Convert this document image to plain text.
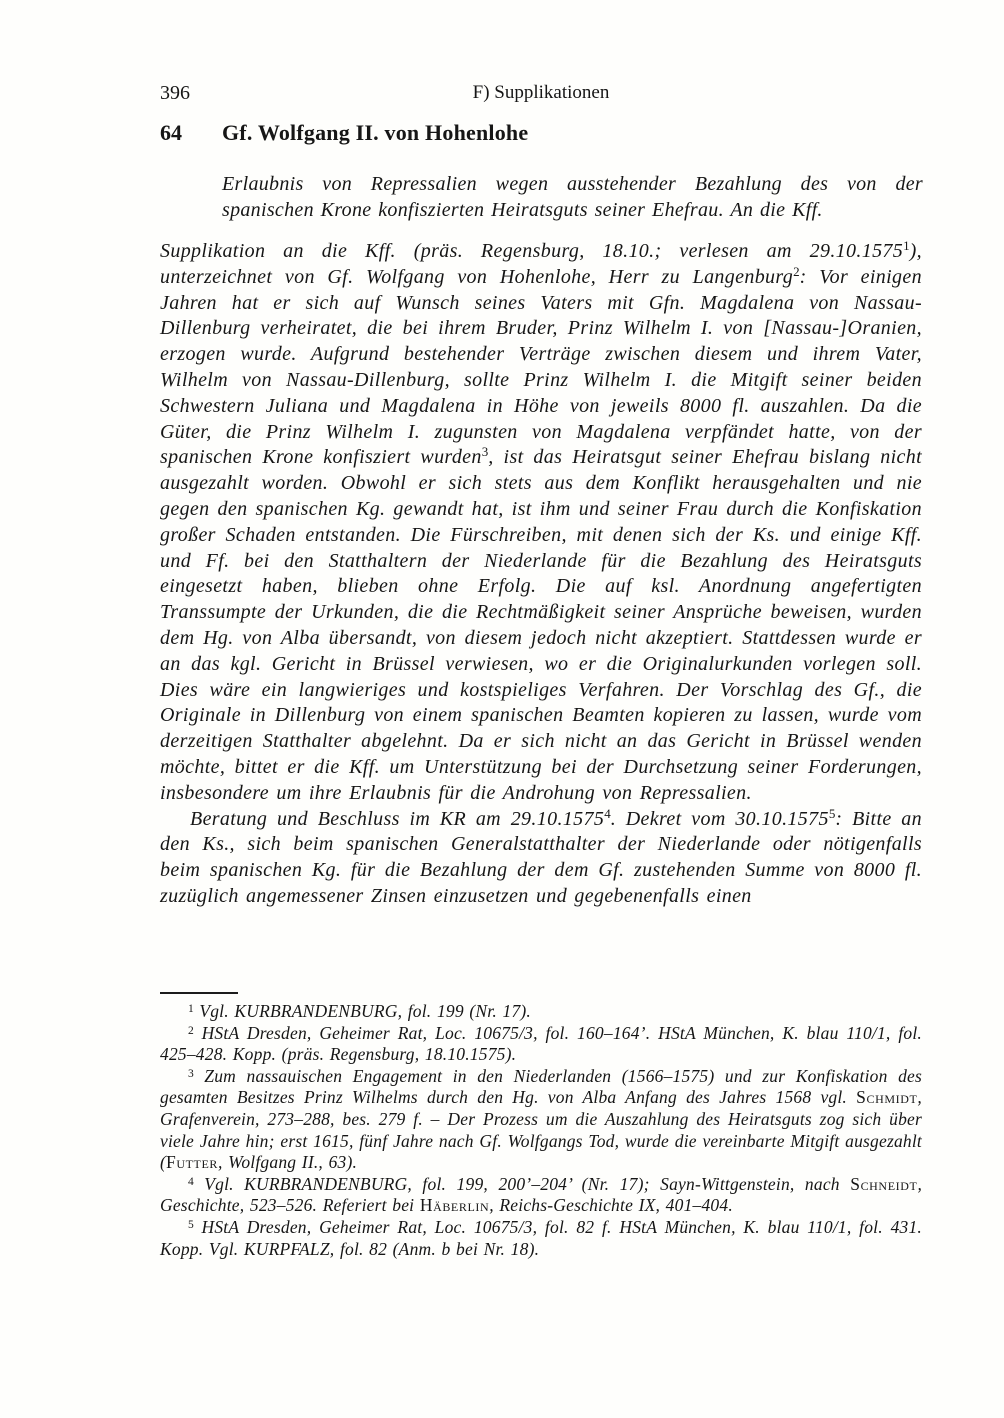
396	F) Supplikationen
64	Gf. Wolfgang II. von Hohenlohe

Erlaubnis von Repressalien wegen ausstehender Bezahlung des von der spanischen Krone konfiszierten Heiratsguts seiner Ehefrau. An die Kff.

Supplikation an die Kff. (präs. Regensburg, 18.10.; verlesen am 29.10.1575$^1$), unterzeichnet von Gf. Wolfgang von Hohenlohe, Herr zu Langenburg$^2$: Vor einigen Jahren hat er sich auf Wunsch seines Vaters mit Gfn. Magdalena von Nassau-Dillenburg verheiratet, die bei ihrem Bruder, Prinz Wilhelm I. von [Nassau-]Oranien, erzogen wurde. Aufgrund bestehender Verträge zwischen diesem und ihrem Vater, Wilhelm von Nassau-Dillenburg, sollte Prinz Wilhelm I. die Mitgift seiner beiden Schwestern Juliana und Magdalena in Höhe von jeweils 8000 fl. auszahlen. Da die Güter, die Prinz Wilhelm I. zugunsten von Magdalena verpfändet hatte, von der spanischen Krone konfisziert wurden$^3$, ist das Heiratsgut seiner Ehefrau bislang nicht ausgezahlt worden. Obwohl er sich stets aus dem Konflikt herausgehalten und nie gegen den spanischen Kg. gewandt hat, ist ihm und seiner Frau durch die Konfiskation großer Schaden entstanden. Die Fürschreiben, mit denen sich der Ks. und einige Kff. und Ff. bei den Statthaltern der Niederlande für die Bezahlung des Heiratsguts eingesetzt haben, blieben ohne Erfolg. Die auf ksl. Anordnung angefertigten Transsumpte der Urkunden, die die Rechtmäßigkeit seiner Ansprüche beweisen, wurden dem Hg. von Alba übersandt, von diesem jedoch nicht akzeptiert. Stattdessen wurde er an das kgl. Gericht in Brüssel verwiesen, wo er die Originalurkunden vorlegen soll. Dies wäre ein langwieriges und kostspieliges Verfahren. Der Vorschlag des Gf., die Originale in Dillenburg von einem spanischen Beamten kopieren zu lassen, wurde vom derzeitigen Statthalter abgelehnt. Da er sich nicht an das Gericht in Brüssel wenden möchte, bittet er die Kff. um Unterstützung bei der Durchsetzung seiner Forderungen, insbesondere um ihre Erlaubnis für die Androhung von Repressalien.

Beratung und Beschluss im KR am 29.10.1575$^4$. Dekret vom 30.10.1575$^5$: Bitte an den Ks., sich beim spanischen Generalstatthalter der Niederlande oder nötigenfalls beim spanischen Kg. für die Bezahlung der dem Gf. zustehenden Summe von 8000 fl. zuzüglich angemessener Zinsen einzusetzen und gegebenenfalls einen

$^1$ Vgl. KURBRANDENBURG, fol. 199 (Nr. 17).

$^2$ HStA Dresden, Geheimer Rat, Loc. 10675/3, fol. 160–164’. HStA München, K. blau 110/1, fol. 425–428. Kopp. (präs. Regensburg, 18.10.1575).

$^3$ Zum nassauischen Engagement in den Niederlanden (1566–1575) und zur Konfiskation des gesamten Besitzes Prinz Wilhelms durch den Hg. von Alba Anfang des Jahres 1568 vgl. Schmidt, Grafenverein, 273–288, bes. 279 f. – Der Prozess um die Auszahlung des Heiratsguts zog sich über viele Jahre hin; erst 1615, fünf Jahre nach Gf. Wolfgangs Tod, wurde die vereinbarte Mitgift ausgezahlt (Futter, Wolfgang II., 63).

$^4$ Vgl. KURBRANDENBURG, fol. 199, 200’–204’ (Nr. 17); Sayn-Wittgenstein, nach Schneidt, Geschichte, 523–526. Referiert bei Häberlin, Reichs-Geschichte IX, 401–404.

$^5$ HStA Dresden, Geheimer Rat, Loc. 10675/3, fol. 82 f. HStA München, K. blau 110/1, fol. 431. Kopp. Vgl. KURPFALZ, fol. 82 (Anm. b bei Nr. 18).
